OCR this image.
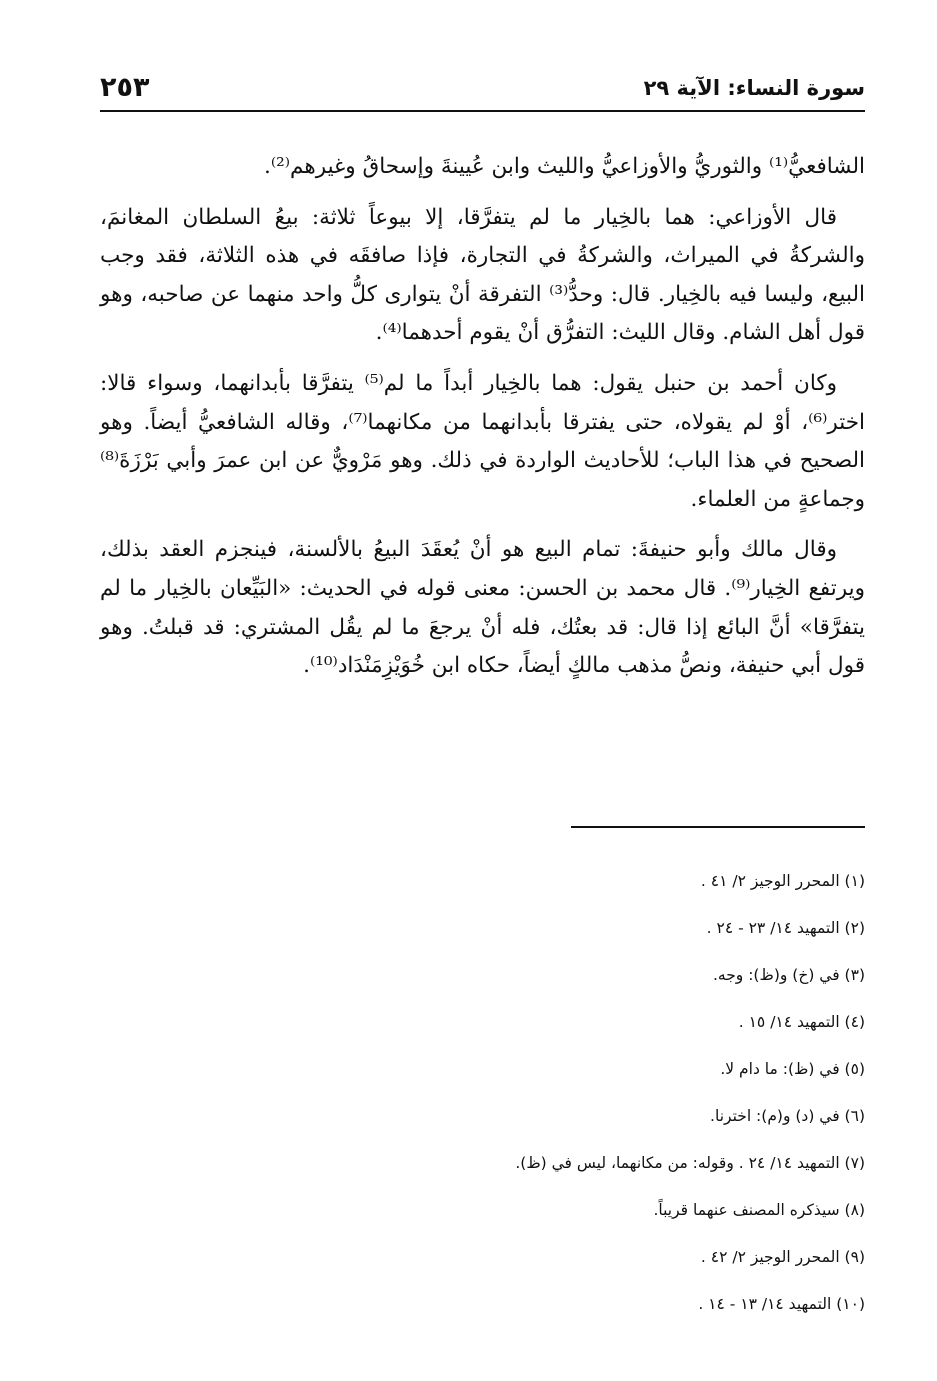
سورة النساء: الآية ٢٩
٢٥٣

الشافعيُّ⁽¹⁾ والثوريُّ والأوزاعيُّ والليث وابن عُيينةَ وإسحاقُ وغيرهم⁽²⁾.

قال الأوزاعي: هما بالخِيار ما لم يتفرَّقا، إلا بيوعاً ثلاثة: بيعُ السلطان المغانمَ، والشركةُ في الميراث، والشركةُ في التجارة، فإذا صافقَه في هذه الثلاثة، فقد وجب البيع، وليسا فيه بالخِيار. قال: وحدُّ⁽³⁾ التفرقة أنْ يتوارى كلُّ واحد منهما عن صاحبه، وهو قول أهل الشام. وقال الليث: التفرُّق أنْ يقوم أحدهما⁽⁴⁾.

وكان أحمد بن حنبل يقول: هما بالخِيار أبداً ما لم⁽⁵⁾ يتفرَّقا بأبدانهما، وسواء قالا: اختر⁽⁶⁾، أوْ لم يقولاه، حتى يفترقا بأبدانهما من مكانهما⁽⁷⁾، وقاله الشافعيُّ أيضاً. وهو الصحيح في هذا الباب؛ للأحاديث الواردة في ذلك. وهو مَرْويٌّ عن ابن عمرَ وأبي بَرْزَةَ⁽⁸⁾ وجماعةٍ من العلماء.

وقال مالك وأبو حنيفةَ: تمام البيع هو أنْ يُعقَدَ البيعُ بالألسنة، فينجزم العقد بذلك، ويرتفع الخِيار⁽⁹⁾. قال محمد بن الحسن: معنى قوله في الحديث: «البَيِّعان بالخِيار ما لم يتفرَّقا» أنَّ البائع إذا قال: قد بعتُك، فله أنْ يرجعَ ما لم يقُل المشتري: قد قبلتُ. وهو قول أبي حنيفة، ونصُّ مذهب مالكٍ أيضاً، حكاه ابن خُوَيْزِمَنْدَاد⁽¹⁰⁾.

(١) المحرر الوجيز ٢/ ٤١ .
(٢) التمهيد ١٤/ ٢٣ - ٢٤ .
(٣) في (خ) و(ظ): وجه.
(٤) التمهيد ١٤/ ١٥ .
(٥) في (ظ): ما دام لا.
(٦) في (د) و(م): اخترنا.
(٧) التمهيد ١٤/ ٢٤ . وقوله: من مكانهما، ليس في (ظ).
(٨) سيذكره المصنف عنهما قريباً.
(٩) المحرر الوجيز ٢/ ٤٢ .
(١٠) التمهيد ١٤/ ١٣ - ١٤ .
